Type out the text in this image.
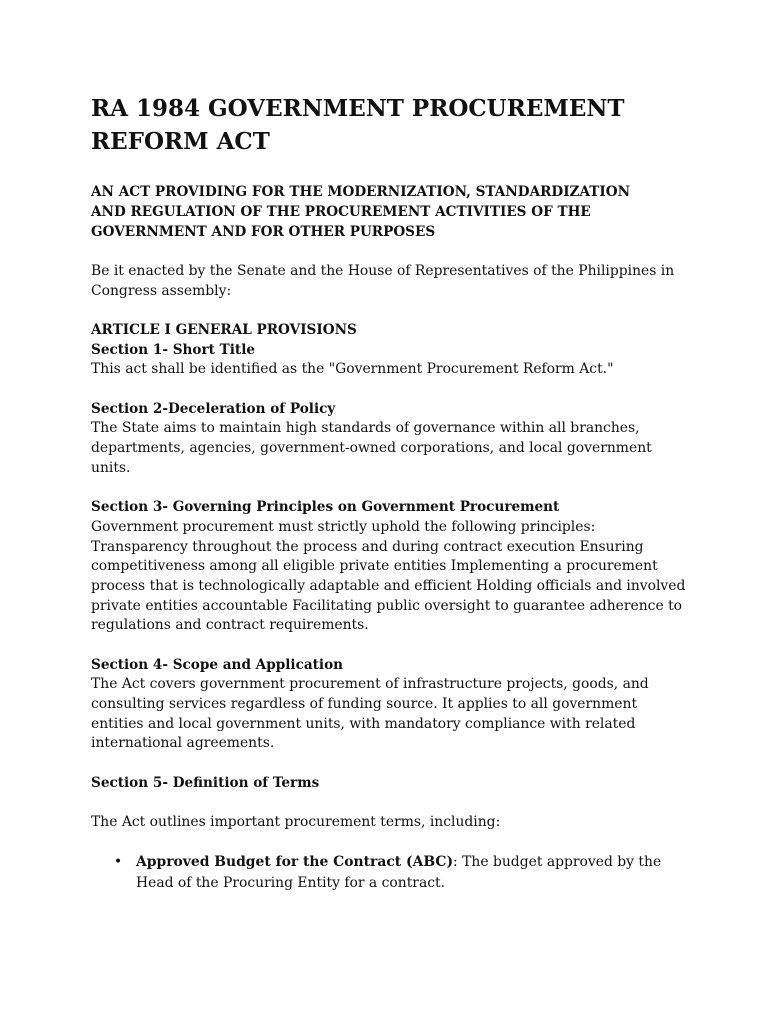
RA 1984 GOVERNMENT PROCUREMENT
REFORM ACT
AN ACT PROVIDING FOR THE MODERNIZATION, STANDARDIZATION
AND REGULATION OF THE PROCUREMENT ACTIVITIES OF THE
GOVERNMENT AND FOR OTHER PURPOSES
Be it enacted by the Senate and the House of Representatives of the Philippines in
Congress assembly:
ARTICLE I GENERAL PROVISIONS
Section 1- Short Title
This act shall be identified as the "Government Procurement Reform Act."
Section 2-Deceleration of Policy
The State aims to maintain high standards of governance within all branches,
departments, agencies, government-owned corporations, and local government
units.
Section 3- Governing Principles on Government Procurement
Government procurement must strictly uphold the following principles:
Transparency throughout the process and during contract execution Ensuring
competitiveness among all eligible private entities Implementing a procurement
process that is technologically adaptable and efficient Holding officials and involved
private entities accountable Facilitating public oversight to guarantee adherence to
regulations and contract requirements.
Section 4- Scope and Application
The Act covers government procurement of infrastructure projects, goods, and
consulting services regardless of funding source. It applies to all government
entities and local government units, with mandatory compliance with related
international agreements.
Section 5- Definition of Terms
The Act outlines important procurement terms, including:
• Approved Budget for the Contract (ABC): The budget approved by the
Head of the Procuring Entity for a contract.
